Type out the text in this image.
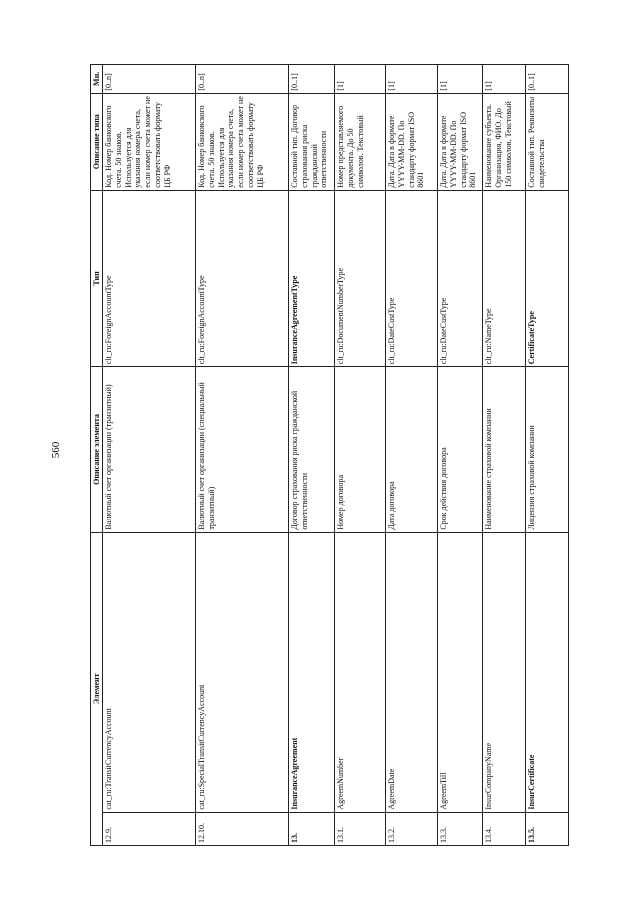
560
Элемент		Описание элемента	Тип	Описание типа	Мн.
12.9.	cat_ru:TransitCurrencyAccount	Валютный счет организации (транзитный)	clt_ru:ForeignAccountType	Код. Номер банковского счета. 50 знаков. Используется для указания номера счета, если номер счета может не соответствовать формату ЦБ РФ	[0..n]
12.10.	cat_ru:SpecialTransitCurrencyAccount	Валютный счет организации (специальный транзитный)	clt_ru:ForeignAccountType	Код. Номер банковского счета. 50 знаков. Используется для указания номера счета, если номер счета может не соответствовать формату ЦБ РФ	[0..n]
13.	InsuranceAgreement	Договор страхования риска гражданской ответственности	InsuranceAgreementType	Составной тип. Договор страхования риска гражданской ответственности	[0..1]
13.1.	AgreemNumber	Номер договора	clt_ru:DocumentNumberType	Номер представляемого документа. До 50 символов. Текстовый	[1]
13.2.	AgreemDate	Дата договора	clt_ru:DateCustType	Дата. Дата в формате YYYY-MM-DD. По стандарту формат ISO 8601	[1]
13.3.	AgreemTill	Срок действия договора	clt_ru:DateCustType	Дата. Дата в формате YYYY-MM-DD. По стандарту формат ISO 8601	[1]
13.4.	InsurCompanyName	Наименование страховой компании	clt_ru:NameType	Наименование субъекта. Организация, ФИО. До 150 символов. Текстовый	[1]
13.5.	InsurCertificate	Лицензия страховой компании	CertificateType	Составной тип. Реквизиты свидетельства	[0..1]
